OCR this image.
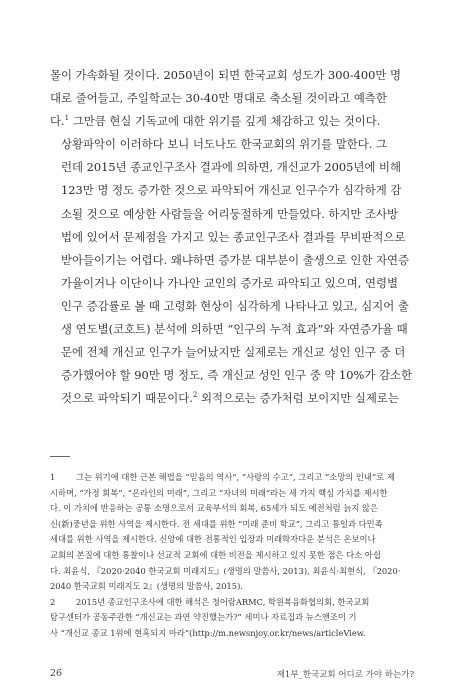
몰이 가속화될 것이다. 2050년이 되면 한국교회 성도가 300-400만 명
대로 줄어들고, 주일학교는 30-40만 명대로 축소될 것이라고 예측한
다.$^1$ 그만큼 현실 기독교에 대한 위기를 깊게 체감하고 있는 것이다.

상황파악이 이러하다 보니 너도나도 한국교회의 위기를 말한다. 그
런데 2015년 종교인구조사 결과에 의하면, 개신교가 2005년에 비해
123만 명 정도 증가한 것으로 파악되어 개신교 인구수가 심각하게 감
소될 것으로 예상한 사람들을 어리둥절하게 만들었다. 하지만 조사방
법에 있어서 문제점을 가지고 있는 종교인구조사 결과를 무비판적으로
받아들이기는 어렵다. 왜냐하면 증가분 대부분이 출생으로 인한 자연증
가율이거나 이단이나 가나안 교인의 증가로 파악되고 있으며, 연령별
인구 증감률로 볼 때 고령화 현상이 심각하게 나타나고 있고, 심지어 출
생 연도별(코호트) 분석에 의하면 “인구의 누적 효과”와 자연증가율 때
문에 전체 개신교 인구가 늘어났지만 실제로는 개신교 성인 인구 중 더
증가했어야 할 90만 명 정도, 즉 개신교 성인 인구 중 약 10%가 감소한
것으로 파악되기 때문이다.$^2$ 외적으로는 증가처럼 보이지만 실제로는

1 그는 위기에 대한 근본 해법을 “믿음의 역사”, “사랑의 수고”, 그리고 “소망의 인내”로 제
시하며, “가정 회복”, “온라인의 미래”, 그리고 “자녀의 미래”라는 세 가지 핵심 가치를 제시한
다. 이 가치에 반응하는 공통 소명으로서 교육부서의 회복, 65세가 되도 예전처럼 늙지 않은
신(新)중년을 위한 사역을 제시한다. 전 세대를 위한 “미래 준비 학교”, 그리고 통일과 다민족
세대를 위한 사역을 제시한다. 신앙에 대한 전통적인 입장과 미래학자다운 분석은 온보이나
교회의 본질에 대한 통찰이나 선교적 교회에 대한 비전을 제시하고 있지 못한 점은 다소 아쉽
다. 최윤식, 『2020·2040 한국교회 미래지도』(생명의 말씀사, 2013), 최윤식·최현식, 『2020·
2040 한국교회 미래지도 2』(생명의 말씀사, 2015).
2 2015년 종교인구조사에 대한 해석은 청어람ARMC, 학원복음화협의회, 한국교회
탐구센터가 공동주관한 “개신교는 과연 약진했는가?” 세미나 자료집과 뉴스앤조이 기
사 “개신교 종교 1위에 현혹되지 마라”(http://m.newsnjoy.or.kr/news/articleView.
26	제1부_한국교회 어디로 가야 하는가?
